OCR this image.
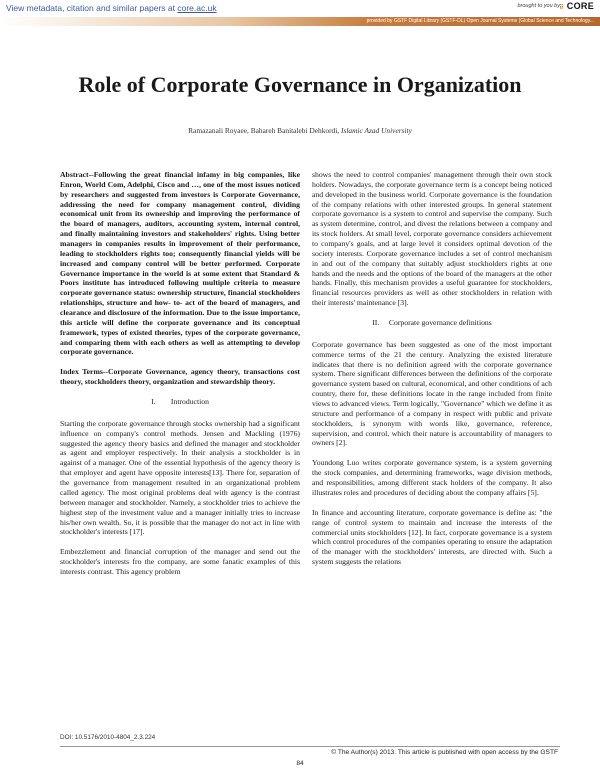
View metadata, citation and similar papers at core.ac.uk	brought to you by ⠿ CORE
provided by GSTF Digital Library (GSTF-DL) Open Journal Systems (Global Science and Technology...
Role of Corporate Governance in Organization
Ramazanali Royaee, Bahareh Banitalebi Dehkordi, Islamic Azad University

Abstract--Following the great financial infamy in big companies, like Enron, World Com, Adelphi, Cisco and …, one of the most issues noticed by researchers and suggested from investors is Corporate Governance, addressing the need for company management control, dividing economical unit from its ownership and improving the performance of the board of managers, auditors, accounting system, internal control, and finally maintaining investors and stakeholders' rights. Using better managers in companies results in improvement of their performance, leading to stockholders rights too; consequently financial yields will be increased and company control will be better performed. Corporate Governance importance in the world is at some extent that Standard & Poors institute has introduced following multiple criteria to measure corporate governance status: ownership structure, financial stockholders relationships, structure and how- to- act of the board of managers, and clearance and disclosure of the information. Due to the issue importance, this article will define the corporate governance and its conceptual framework, types of existed theories, types of the corporate governance, and comparing them with each others as well as attempting to develop corporate governance.

Index Terms--Corporate Governance, agency theory, transactions cost theory, stockholders theory, organization and stewardship theory.

I.        Introduction

Starting the corporate governance through stocks ownership had a significant influence on company's control methods. Jensen and Mackling (1976) suggested the agency theory basics and defined the manager and stockholder as agent and employer respectively. In their analysis a stockholder is in against of a manager. One of the essential hypothesis of the agency theory is that employer and agent have opposite interests[13]. There for, separation of the governance from management resulted in an organizational problem called agency. The most original problems deal with agency is the contrast between manager and stockholder. Namely, a stockholder tries to achieve the highest step of the investment value and a manager initially tries to increase his/her own wealth. So, it is possible that the manager do not act in line with stockholder's interests [17].

Embezzlement and financial corruption of the manager and send out the stockholder's interests fro the company, are some fanatic examples of this interests contrast. This agency problem

shows the need to control companies' management through their own stock holders. Nowadays, the corporate governance term is a concept being noticed and developed in the business world. Corporate governance is the foundation of the company relations with other interested groups. In general statement corporate governance is a system to control and supervise the company. Such as system determine, control, and divest the relations between a company and its stock holders. At small level, corporate governance considers achievement to company's goals, and at large level it considers optimal devotion of the society interests. Corporate governance includes a set of control mechanism in and out of the company that suitably adjust stockholders rights at one hands and the needs and the options of the board of the managers at the other hands. Finally, this mechanism provides a useful guarantee for stockholders, financial resources providers as well as other stockholders in relation with their interests' maintenance [3].

II.     Corporate governance definitions

Corporate governance has been suggested as one of the most important commerce terms of the 21 the century. Analyzing the existed literature indicates that there is no definition agreed with the corporate governance system. There significant differences between the definitions of the corporate governance system based on cultural, economical, and other conditions of ach country, there for, these definitions locate in the range included from finite views to advanced views. Term logically, "Governance" which we define it as structure and performance of a company in respect with public and private stockholders, is synonym with words like, governance, reference, supervision, and control, which their nature is accountability of managers to owners [2].

Youndong Luo writes corporate governance system, is a system governing the stock companies, and determining frameworks, wage division methods, and responsibilities, among different stack holders of the company. It also illustrates roles and procedures of deciding about the company affairs [5].

In finance and accounting literature, corporate governance is define as: "the range of control system to maintain and increase the interests of the commercial units stockholders [12]. In fact, corporate governance is a system which control procedures of the companies operating to ensure the adaptation of the manager with the stockholders' interests, are directed with. Such a system suggests the relations

DOI: 10.5176/2010-4804_2.3.224
© The Author(s) 2013. This article is published with open access by the GSTF
84
